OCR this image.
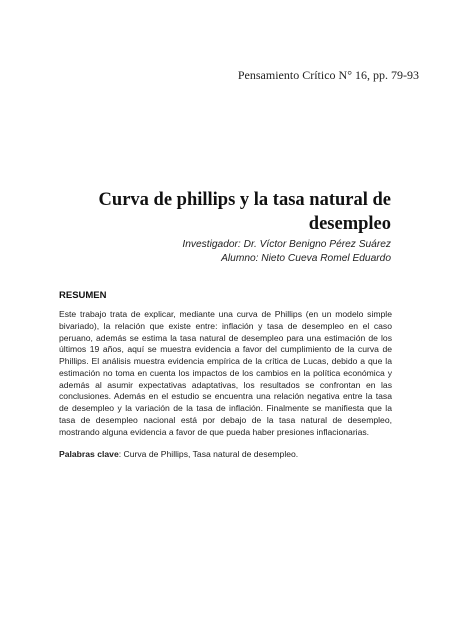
Pensamiento Crítico N° 16, pp. 79-93
Curva de phillips y la tasa natural de
desempleo
Investigador: Dr. Víctor Benigno Pérez Suárez
Alumno: Nieto Cueva Romel Eduardo
RESUMEN

Este trabajo trata de explicar, mediante una curva de Phillips (en un modelo simple bivariado), la relación que existe entre: inflación y tasa de desempleo en el caso peruano, además se estima la tasa natural de desempleo para una estimación de los últimos 19 años, aquí se muestra evidencia a favor del cumplimiento de la curva de Phillips. El análisis muestra evidencia empírica de la crítica de Lucas, debido a que la estimación no toma en cuenta los impactos de los cambios en la política económica y además al asumir expectativas adaptativas, los resultados se confrontan en las conclusiones. Además en el estudio se encuentra una relación negativa entre la tasa de desempleo y la variación de la tasa de inflación. Finalmente se manifiesta que la tasa de desempleo nacional está por debajo de la tasa natural de desempleo, mostrando alguna evidencia a favor de que pueda haber presiones inflacionarias.

Palabras clave: Curva de Phillips, Tasa natural de desempleo.
